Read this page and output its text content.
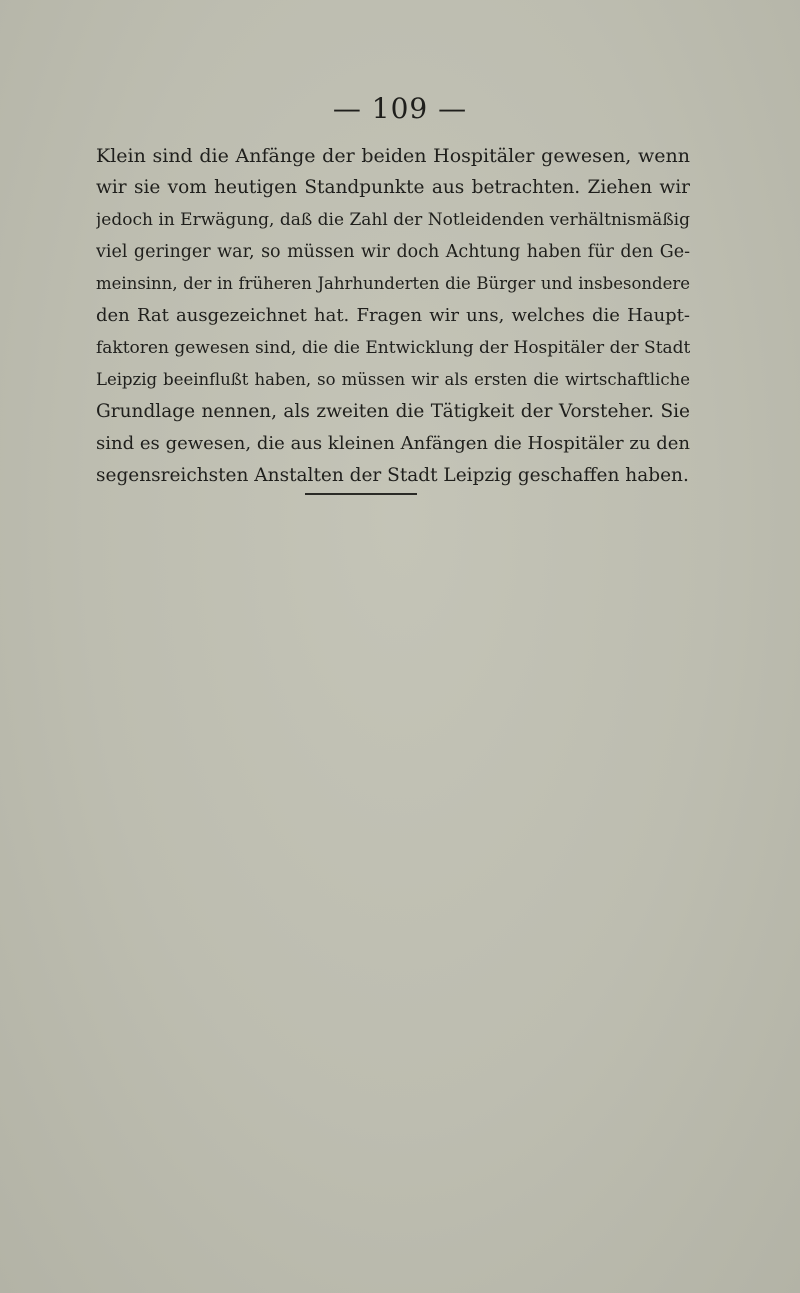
— 109 —
Klein sind die Anfänge der beiden Hospitäler gewesen, wenn
wir sie vom heutigen Standpunkte aus betrachten. Ziehen wir
jedoch in Erwägung, daß die Zahl der Notleidenden verhältnismäßig
viel geringer war, so müssen wir doch Achtung haben für den Ge-
meinsinn, der in früheren Jahrhunderten die Bürger und insbesondere
den Rat ausgezeichnet hat. Fragen wir uns, welches die Haupt-
faktoren gewesen sind, die die Entwicklung der Hospitäler der Stadt
Leipzig beeinflußt haben, so müssen wir als ersten die wirtschaftliche
Grundlage nennen, als zweiten die Tätigkeit der Vorsteher. Sie
sind es gewesen, die aus kleinen Anfängen die Hospitäler zu den
segensreichsten Anstalten der Stadt Leipzig geschaffen haben.
